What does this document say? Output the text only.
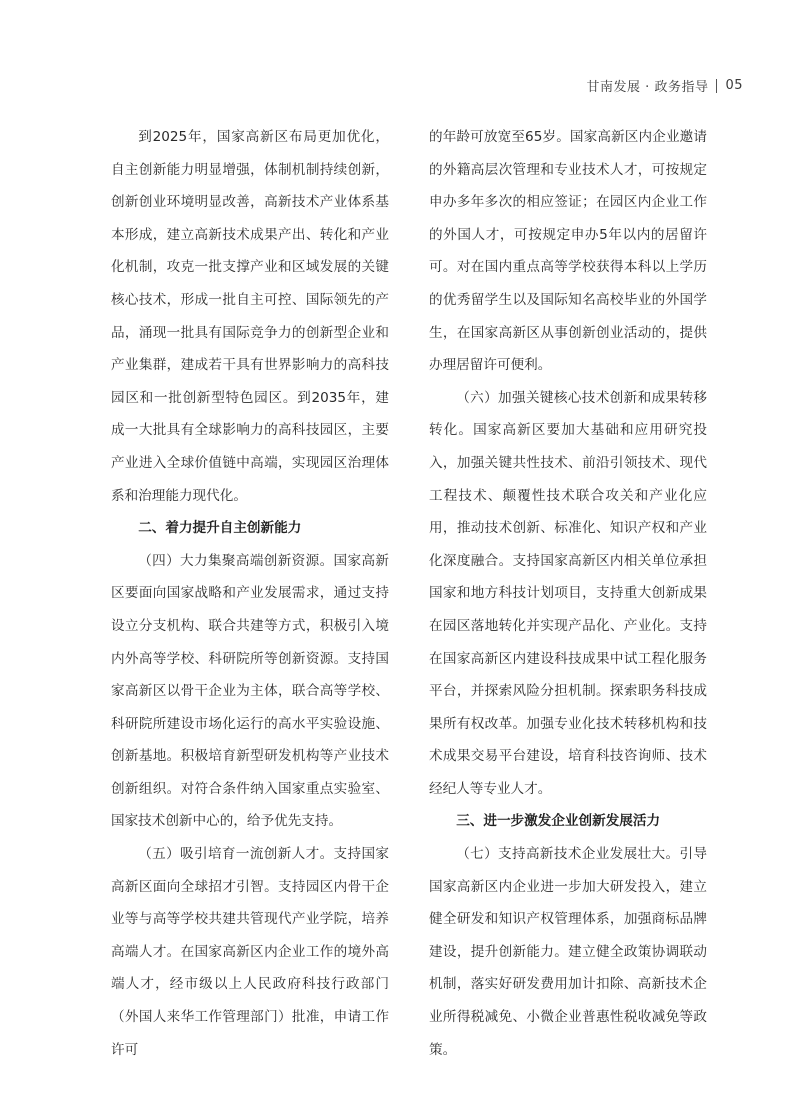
甘南发展 · 政务指导 05

到2025年，国家高新区布局更加优化，自主创新能力明显增强，体制机制持续创新，创新创业环境明显改善，高新技术产业体系基本形成，建立高新技术成果产出、转化和产业化机制，攻克一批支撑产业和区域发展的关键核心技术，形成一批自主可控、国际领先的产品，涌现一批具有国际竞争力的创新型企业和产业集群，建成若干具有世界影响力的高科技园区和一批创新型特色园区。到2035年，建成一大批具有全球影响力的高科技园区，主要产业进入全球价值链中高端，实现园区治理体系和治理能力现代化。

二、着力提升自主创新能力

（四）大力集聚高端创新资源。国家高新区要面向国家战略和产业发展需求，通过支持设立分支机构、联合共建等方式，积极引入境内外高等学校、科研院所等创新资源。支持国家高新区以骨干企业为主体，联合高等学校、科研院所建设市场化运行的高水平实验设施、创新基地。积极培育新型研发机构等产业技术创新组织。对符合条件纳入国家重点实验室、国家技术创新中心的，给予优先支持。

（五）吸引培育一流创新人才。支持国家高新区面向全球招才引智。支持园区内骨干企业等与高等学校共建共管现代产业学院，培养高端人才。在国家高新区内企业工作的境外高端人才，经市级以上人民政府科技行政部门（外国人来华工作管理部门）批准，申请工作许可

的年龄可放宽至65岁。国家高新区内企业邀请的外籍高层次管理和专业技术人才，可按规定申办多年多次的相应签证；在园区内企业工作的外国人才，可按规定申办5年以内的居留许可。对在国内重点高等学校获得本科以上学历的优秀留学生以及国际知名高校毕业的外国学生，在国家高新区从事创新创业活动的，提供办理居留许可便利。

（六）加强关键核心技术创新和成果转移转化。国家高新区要加大基础和应用研究投入，加强关键共性技术、前沿引领技术、现代工程技术、颠覆性技术联合攻关和产业化应用，推动技术创新、标准化、知识产权和产业化深度融合。支持国家高新区内相关单位承担国家和地方科技计划项目，支持重大创新成果在园区落地转化并实现产品化、产业化。支持在国家高新区内建设科技成果中试工程化服务平台，并探索风险分担机制。探索职务科技成果所有权改革。加强专业化技术转移机构和技术成果交易平台建设，培育科技咨询师、技术经纪人等专业人才。

三、进一步激发企业创新发展活力

（七）支持高新技术企业发展壮大。引导国家高新区内企业进一步加大研发投入，建立健全研发和知识产权管理体系，加强商标品牌建设，提升创新能力。建立健全政策协调联动机制，落实好研发费用加计扣除、高新技术企业所得税减免、小微企业普惠性税收减免等政策。
